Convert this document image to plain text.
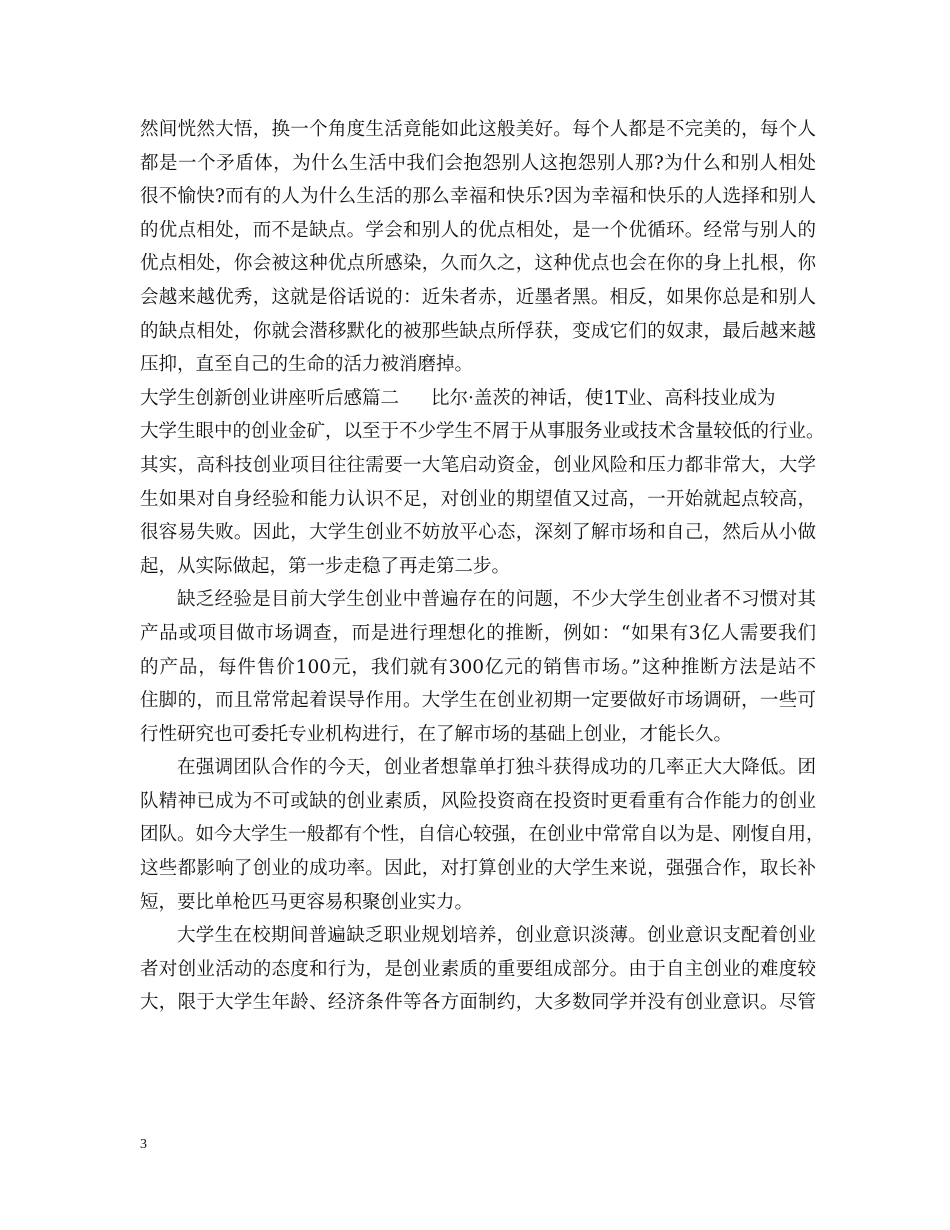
然间恍然大悟，换一个角度生活竟能如此这般美好。每个人都是不完美的，每个人
都是一个矛盾体，为什么生活中我们会抱怨别人这抱怨别人那?为什么和别人相处
很不愉快?而有的人为什么生活的那么幸福和快乐?因为幸福和快乐的人选择和别人
的优点相处，而不是缺点。学会和别人的优点相处，是一个优循环。经常与别人的
优点相处，你会被这种优点所感染，久而久之，这种优点也会在你的身上扎根，你
会越来越优秀，这就是俗话说的：近朱者赤，近墨者黑。相反，如果你总是和别人
的缺点相处，你就会潜移默化的被那些缺点所俘获，变成它们的奴隶，最后越来越
压抑，直至自己的生命的活力被消磨掉。
大学生创新创业讲座听后感篇二 比尔·盖茨的神话，使1T业、高科技业成为
大学生眼中的创业金矿，以至于不少学生不屑于从事服务业或技术含量较低的行业。
其实，高科技创业项目往往需要一大笔启动资金，创业风险和压力都非常大，大学
生如果对自身经验和能力认识不足，对创业的期望值又过高，一开始就起点较高，
很容易失败。因此，大学生创业不妨放平心态，深刻了解市场和自己，然后从小做
起，从实际做起，第一步走稳了再走第二步。
缺乏经验是目前大学生创业中普遍存在的问题，不少大学生创业者不习惯对其
产品或项目做市场调查，而是进行理想化的推断，例如：“如果有3亿人需要我们
的产品，每件售价100元，我们就有300亿元的销售市场。”这种推断方法是站不
住脚的，而且常常起着误导作用。大学生在创业初期一定要做好市场调研，一些可
行性研究也可委托专业机构进行，在了解市场的基础上创业，才能长久。
在强调团队合作的今天，创业者想靠单打独斗获得成功的几率正大大降低。团
队精神已成为不可或缺的创业素质，风险投资商在投资时更看重有合作能力的创业
团队。如今大学生一般都有个性，自信心较强，在创业中常常自以为是、刚愎自用，
这些都影响了创业的成功率。因此，对打算创业的大学生来说，强强合作，取长补
短，要比单枪匹马更容易积聚创业实力。
大学生在校期间普遍缺乏职业规划培养，创业意识淡薄。创业意识支配着创业
者对创业活动的态度和行为，是创业素质的重要组成部分。由于自主创业的难度较
大，限于大学生年龄、经济条件等各方面制约，大多数同学并没有创业意识。尽管
3
